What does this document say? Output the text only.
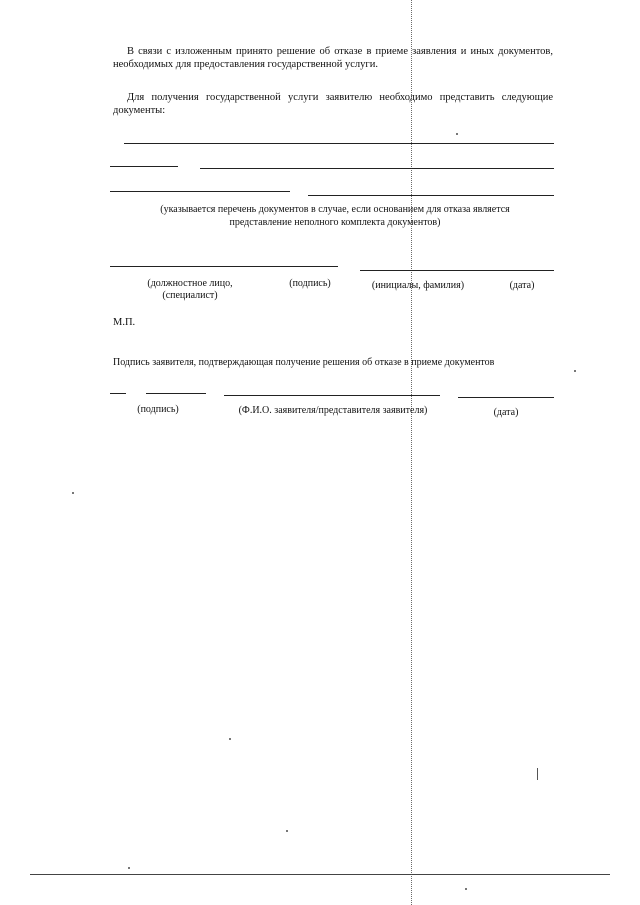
В связи с изложенным принято решение об отказе в приеме заявления и иных документов, необходимых для предоставления государственной услуги.

Для получения государственной услуги заявителю необходимо представить следующие документы:

(указывается перечень документов в случае, если основанием для отказа является представление неполного комплекта документов)
(должностное лицо, (специалист)
(подпись)	(инициалы, фамилия)	(дата)
М.П.
Подпись заявителя, подтверждающая получение решения об отказе в приеме документов
(подпись)	(Ф.И.О. заявителя/представителя заявителя)	(дата)
